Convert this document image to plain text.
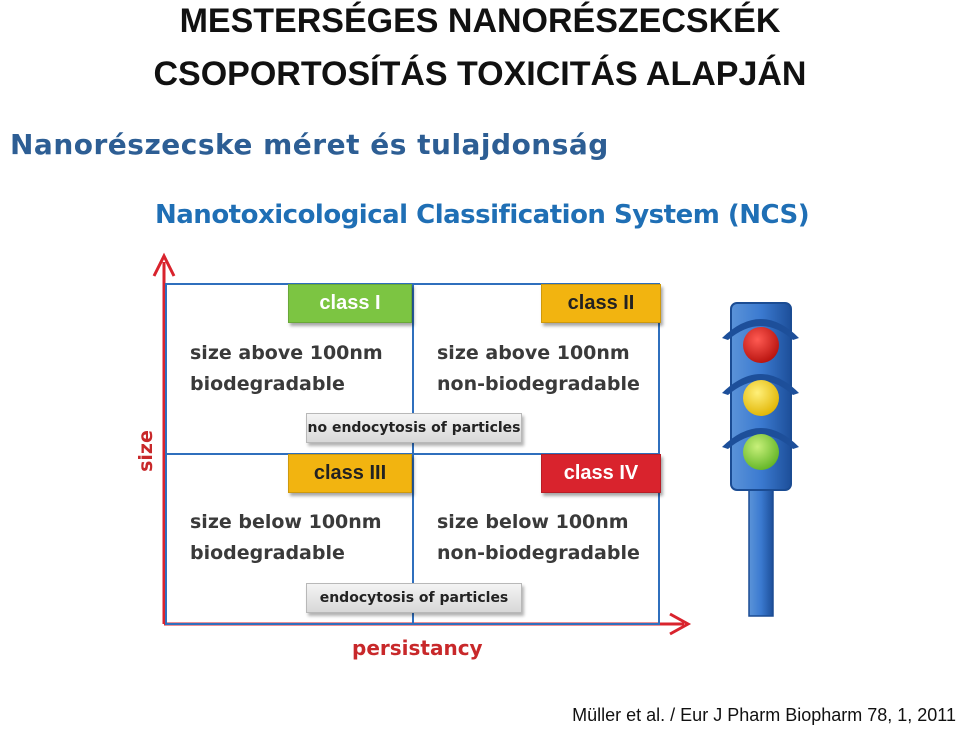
MESTERSÉGES NANORÉSZECSKÉK
CSOPORTOSÍTÁS TOXICITÁS ALAPJÁN
Nanorészecske méret és tulajdonság
Nanotoxicological Classification System (NCS)
class I	class II
class III	class IV
size above 100nm
biodegradable
size above 100nm
non-biodegradable
size below 100nm
biodegradable
size below 100nm
non-biodegradable
no endocytosis of particles
endocytosis of particles
size
persistancy
Müller et al. / Eur J Pharm Biopharm 78, 1, 2011
